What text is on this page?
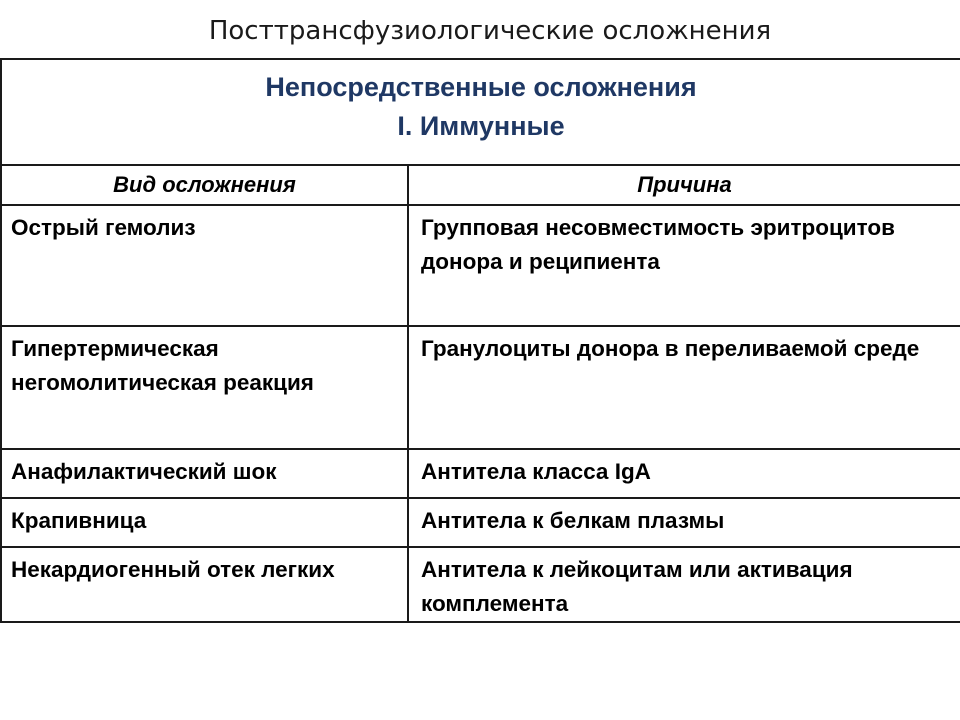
Посттрансфузиологические осложнения
Непосредственные осложнения
I. Иммунные	

Вид осложнения	Причина
Острый гемолиз	Групповая несовместимость эритроцитов донора и реципиента
Гипертермическая негомолитическая реакция	Гранулоциты донора в переливаемой среде
Анафилактический шок	Антитела класса IgA
Крапивница	Антитела к белкам плазмы
Некардиогенный отек легких	Антитела к лейкоцитам или активация комплемента
